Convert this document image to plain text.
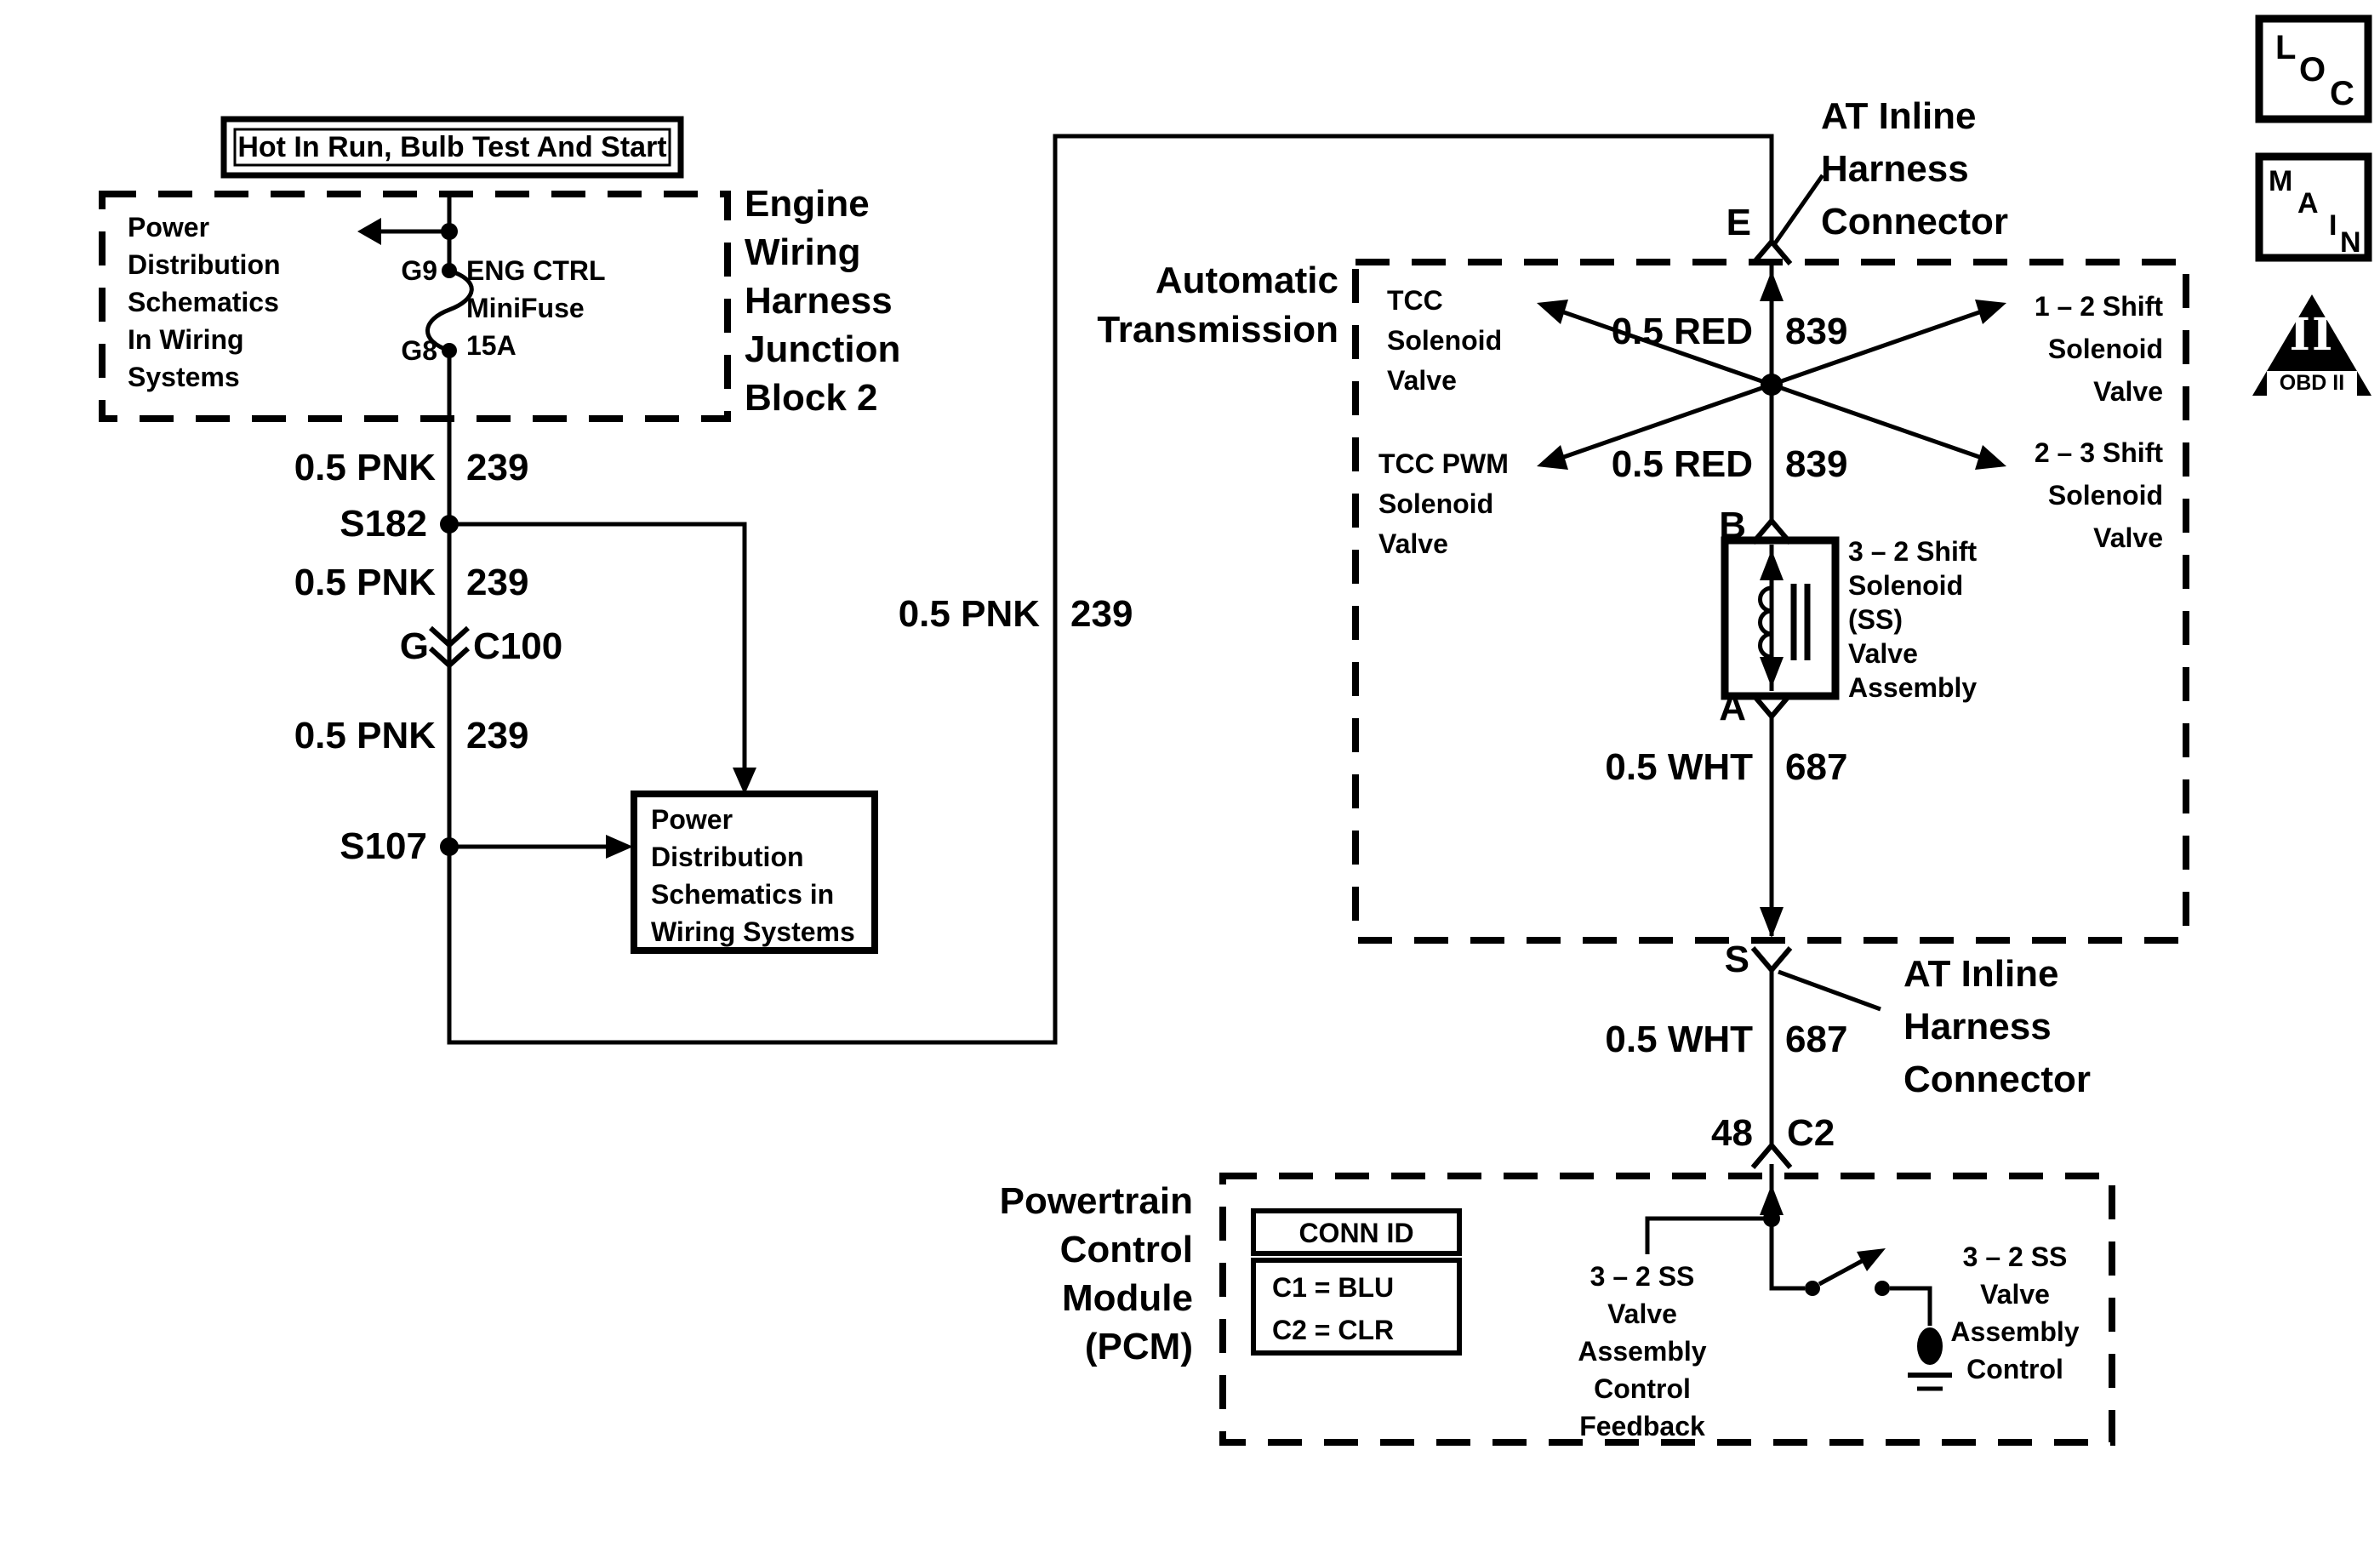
Hot In Run, Bulb Test And Start
Power
Distribution
Schematics
In Wiring
Systems
G9
G8
ENG CTRL
MiniFuse
15A
Engine
Wiring
Harness
Junction
Block 2
0.5 PNK 239
S182
0.5 PNK 239
G C100
0.5 PNK 239
S107
Power
Distribution
Schematics in
Wiring Systems
0.5 PNK 239
Automatic
Transmission
E
AT Inline
Harness
Connector
TCC
Solenoid
Valve
1 – 2 Shift
Solenoid
Valve
TCC PWM
Solenoid
Valve
2 – 3 Shift
Solenoid
Valve
0.5 RED 839
0.5 RED 839
B
3 – 2 Shift
Solenoid
(SS)
Valve
Assembly
A
0.5 WHT 687
S	AT Inline
Harness
Connector
0.5 WHT 687
48 C2
Powertrain
Control
Module
(PCM)
CONN ID
C1 = BLU
C2 = CLR
3 – 2 SS
Valve
Assembly
Control
Feedback
3 – 2 SS
Valve
Assembly
Control
L
O
C
M
A
I
N
II
OBD II
